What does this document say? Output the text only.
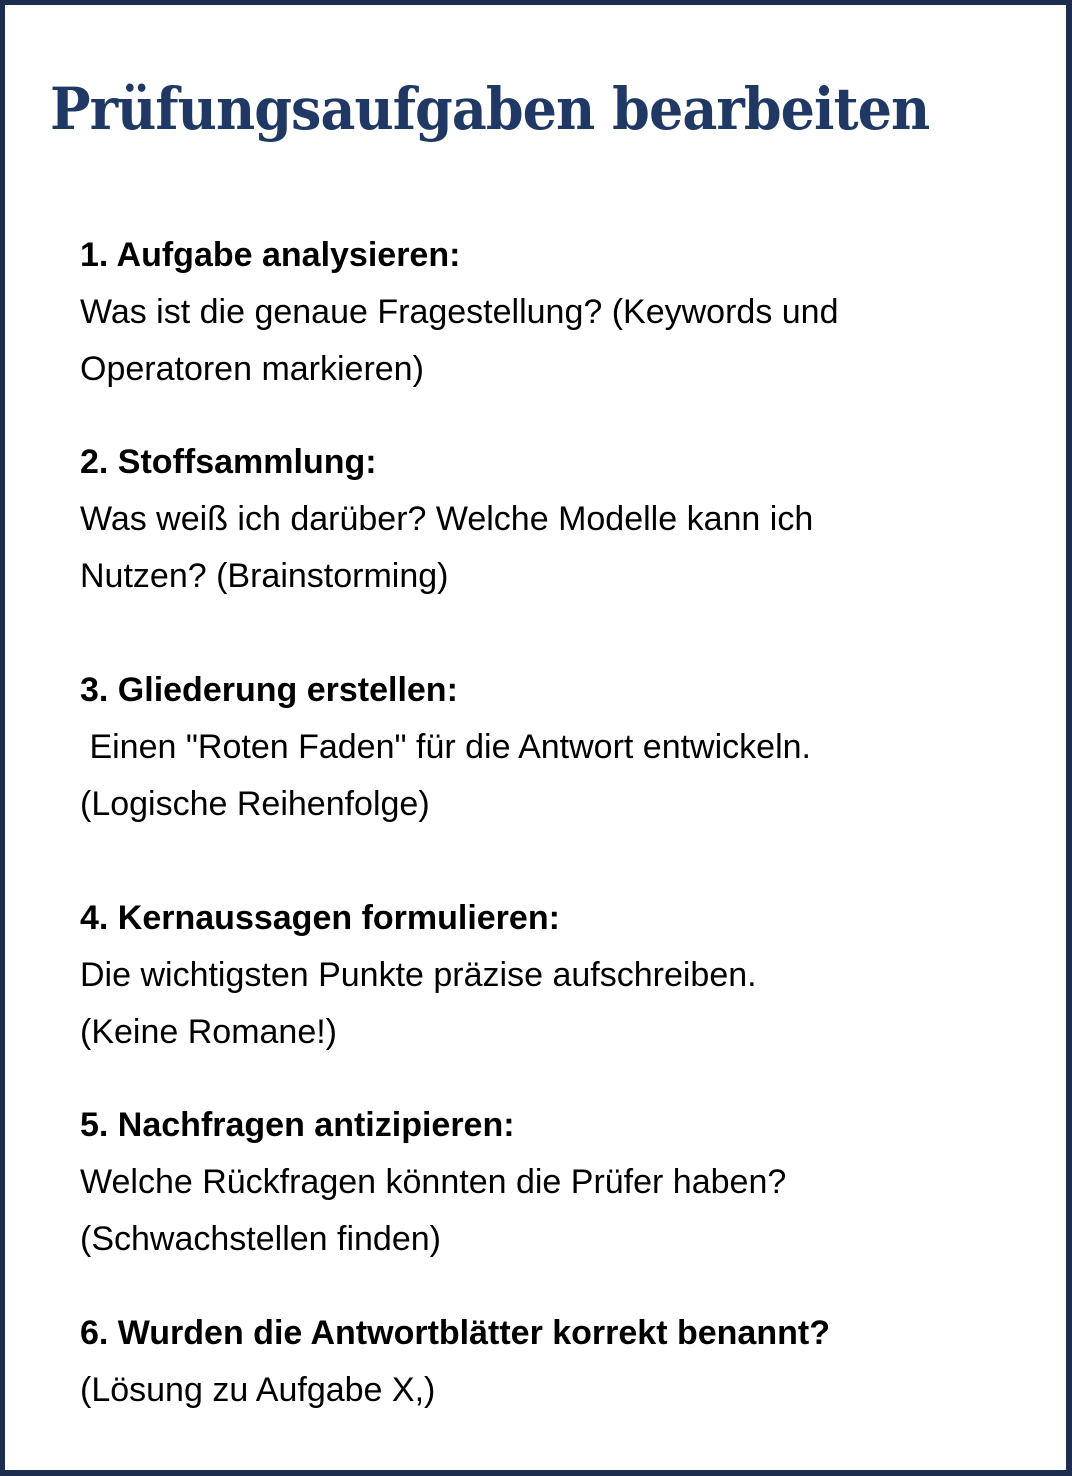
Prüfungsaufgaben bearbeiten
1. Aufgabe analysieren:
Was ist die genaue Fragestellung? (Keywords und
Operatoren markieren)
2. Stoffsammlung:
Was weiß ich darüber? Welche Modelle kann ich
Nutzen? (Brainstorming)
3. Gliederung erstellen:
Einen "Roten Faden" für die Antwort entwickeln.
(Logische Reihenfolge)
4. Kernaussagen formulieren:
Die wichtigsten Punkte präzise aufschreiben.
(Keine Romane!)
5. Nachfragen antizipieren:
Welche Rückfragen könnten die Prüfer haben?
(Schwachstellen finden)
6. Wurden die Antwortblätter korrekt benannt?
(Lösung zu Aufgabe X,)
